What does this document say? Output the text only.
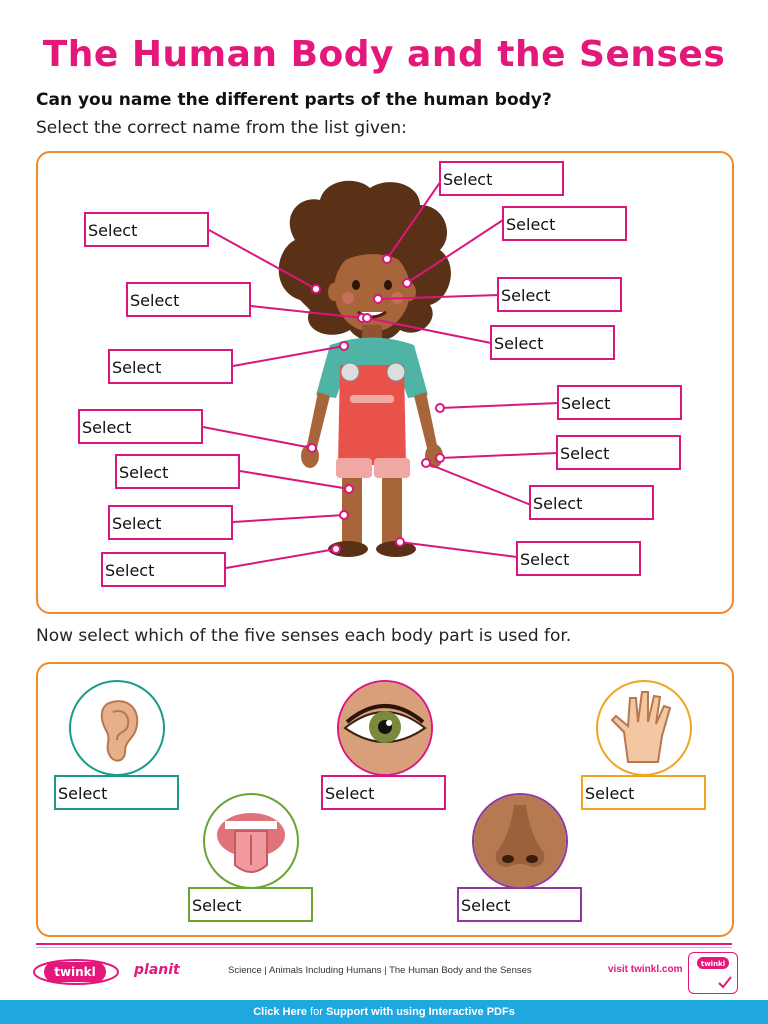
The Human Body and the Senses
Can you name the different parts of the human body?
Select the correct name from the list given:
Select
Select
Select
Select
Select
Select
Select
Select
Select
Select
Select
Select
Select
Select
Select
Now select which of the five senses each body part is used for.
Select	Select	Select
Select	Select
twinkl	planit	Science | Animals Including Humans | The Human Body and the Senses	visit twinkl.com	twinkl
Click Here for Support with using Interactive PDFs
